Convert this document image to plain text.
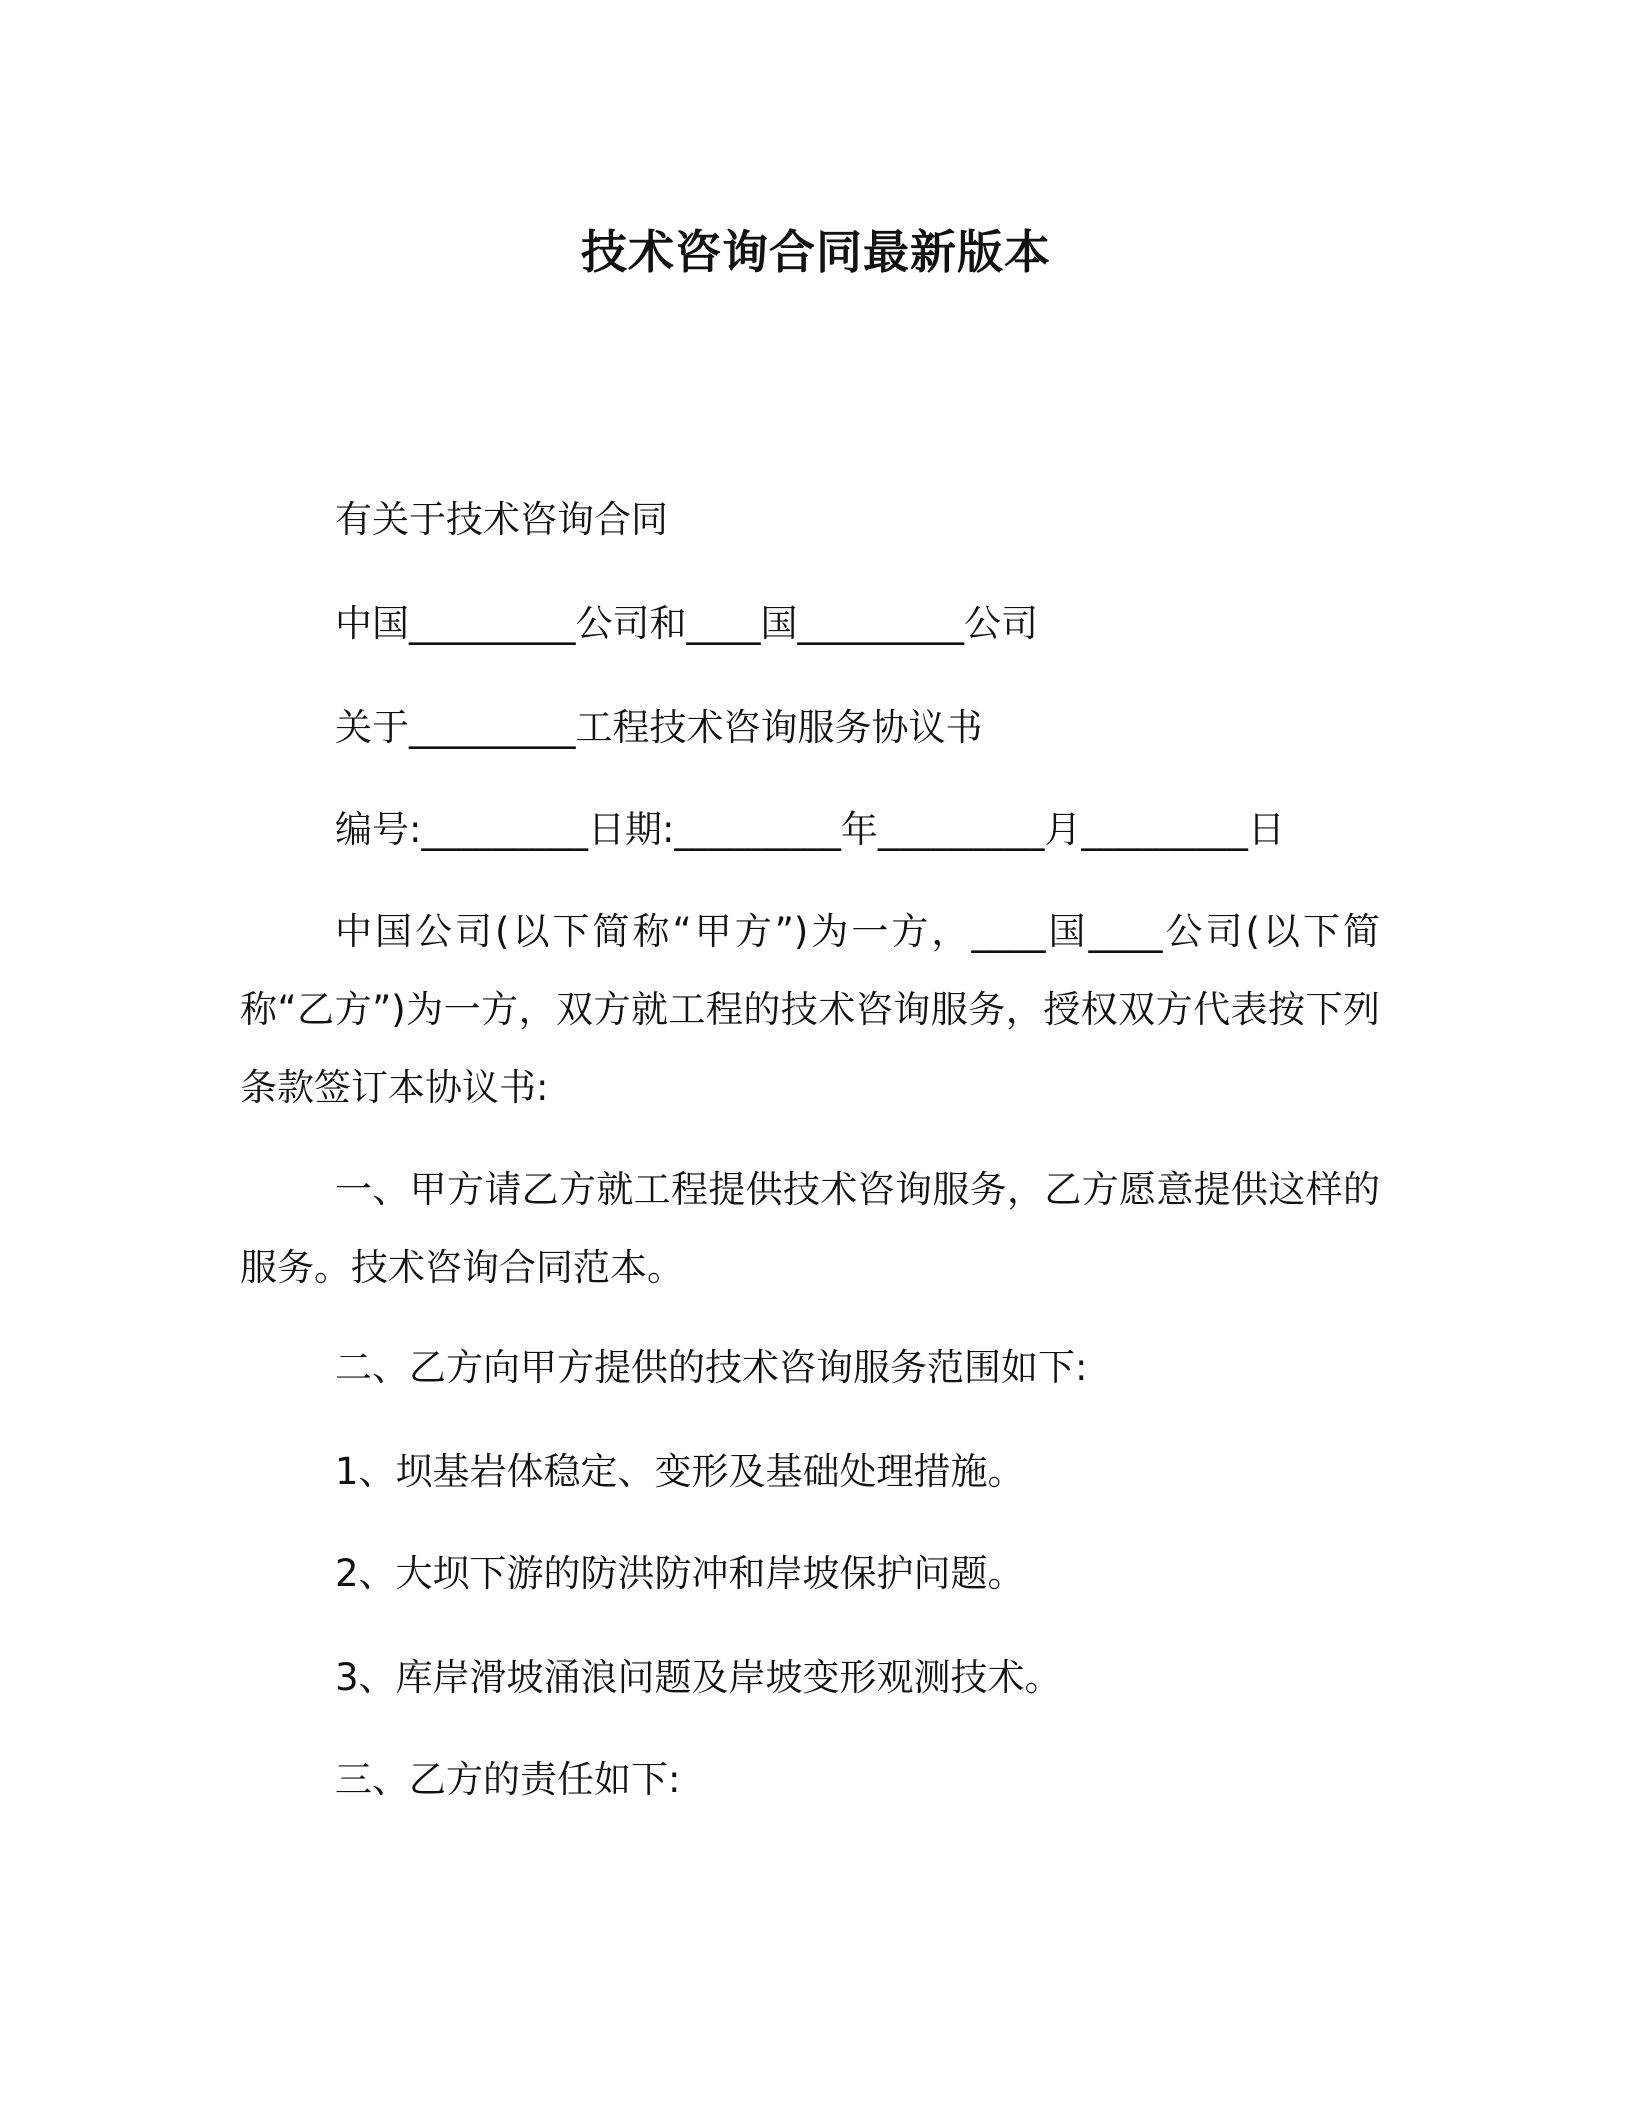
技术咨询合同最新版本

有关于技术咨询合同

中国_________公司和____国_________公司

关于_________工程技术咨询服务协议书

编号:_________日期:_________年_________月_________日

中国公司(以下简称“甲方”)为一方，____国____公司(以下简称“乙方”)为一方，双方就工程的技术咨询服务，授权双方代表按下列条款签订本协议书:

一、甲方请乙方就工程提供技术咨询服务，乙方愿意提供这样的服务。技术咨询合同范本。

二、乙方向甲方提供的技术咨询服务范围如下:

1、坝基岩体稳定、变形及基础处理措施。

2、大坝下游的防洪防冲和岸坡保护问题。

3、库岸滑坡涌浪问题及岸坡变形观测技术。

三、乙方的责任如下:
